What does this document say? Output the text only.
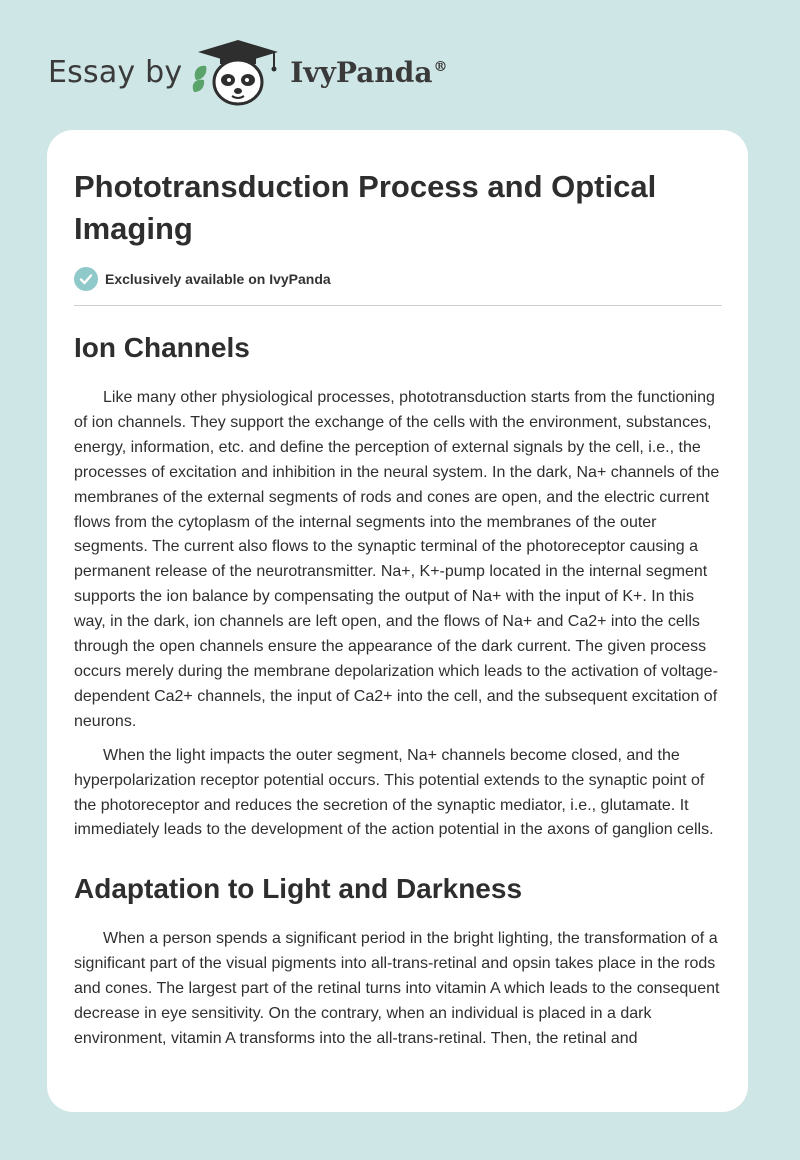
Essay by	IvyPanda®
Phototransduction Process and Optical Imaging
Exclusively available on IvyPanda
Ion Channels

Like many other physiological processes, phototransduction starts from the functioning of ion channels. They support the exchange of the cells with the environment, substances, energy, information, etc. and define the perception of external signals by the cell, i.e., the processes of excitation and inhibition in the neural system. In the dark, Na+ channels of the membranes of the external segments of rods and cones are open, and the electric current flows from the cytoplasm of the internal segments into the membranes of the outer segments. The current also flows to the synaptic terminal of the photoreceptor causing a permanent release of the neurotransmitter. Na+, K+-pump located in the internal segment supports the ion balance by compensating the output of Na+ with the input of K+. In this way, in the dark, ion channels are left open, and the flows of Na+ and Ca2+ into the cells through the open channels ensure the appearance of the dark current. The given process occurs merely during the membrane depolarization which leads to the activation of voltage-dependent Ca2+ channels, the input of Ca2+ into the cell, and the subsequent excitation of neurons.

When the light impacts the outer segment, Na+ channels become closed, and the hyperpolarization receptor potential occurs. This potential extends to the synaptic point of the photoreceptor and reduces the secretion of the synaptic mediator, i.e., glutamate. It immediately leads to the development of the action potential in the axons of ganglion cells.

Adaptation to Light and Darkness

When a person spends a significant period in the bright lighting, the transformation of a significant part of the visual pigments into all-trans-retinal and opsin takes place in the rods and cones. The largest part of the retinal turns into vitamin A which leads to the consequent decrease in eye sensitivity. On the contrary, when an individual is placed in a dark environment, vitamin A transforms into the all-trans-retinal. Then, the retinal and
